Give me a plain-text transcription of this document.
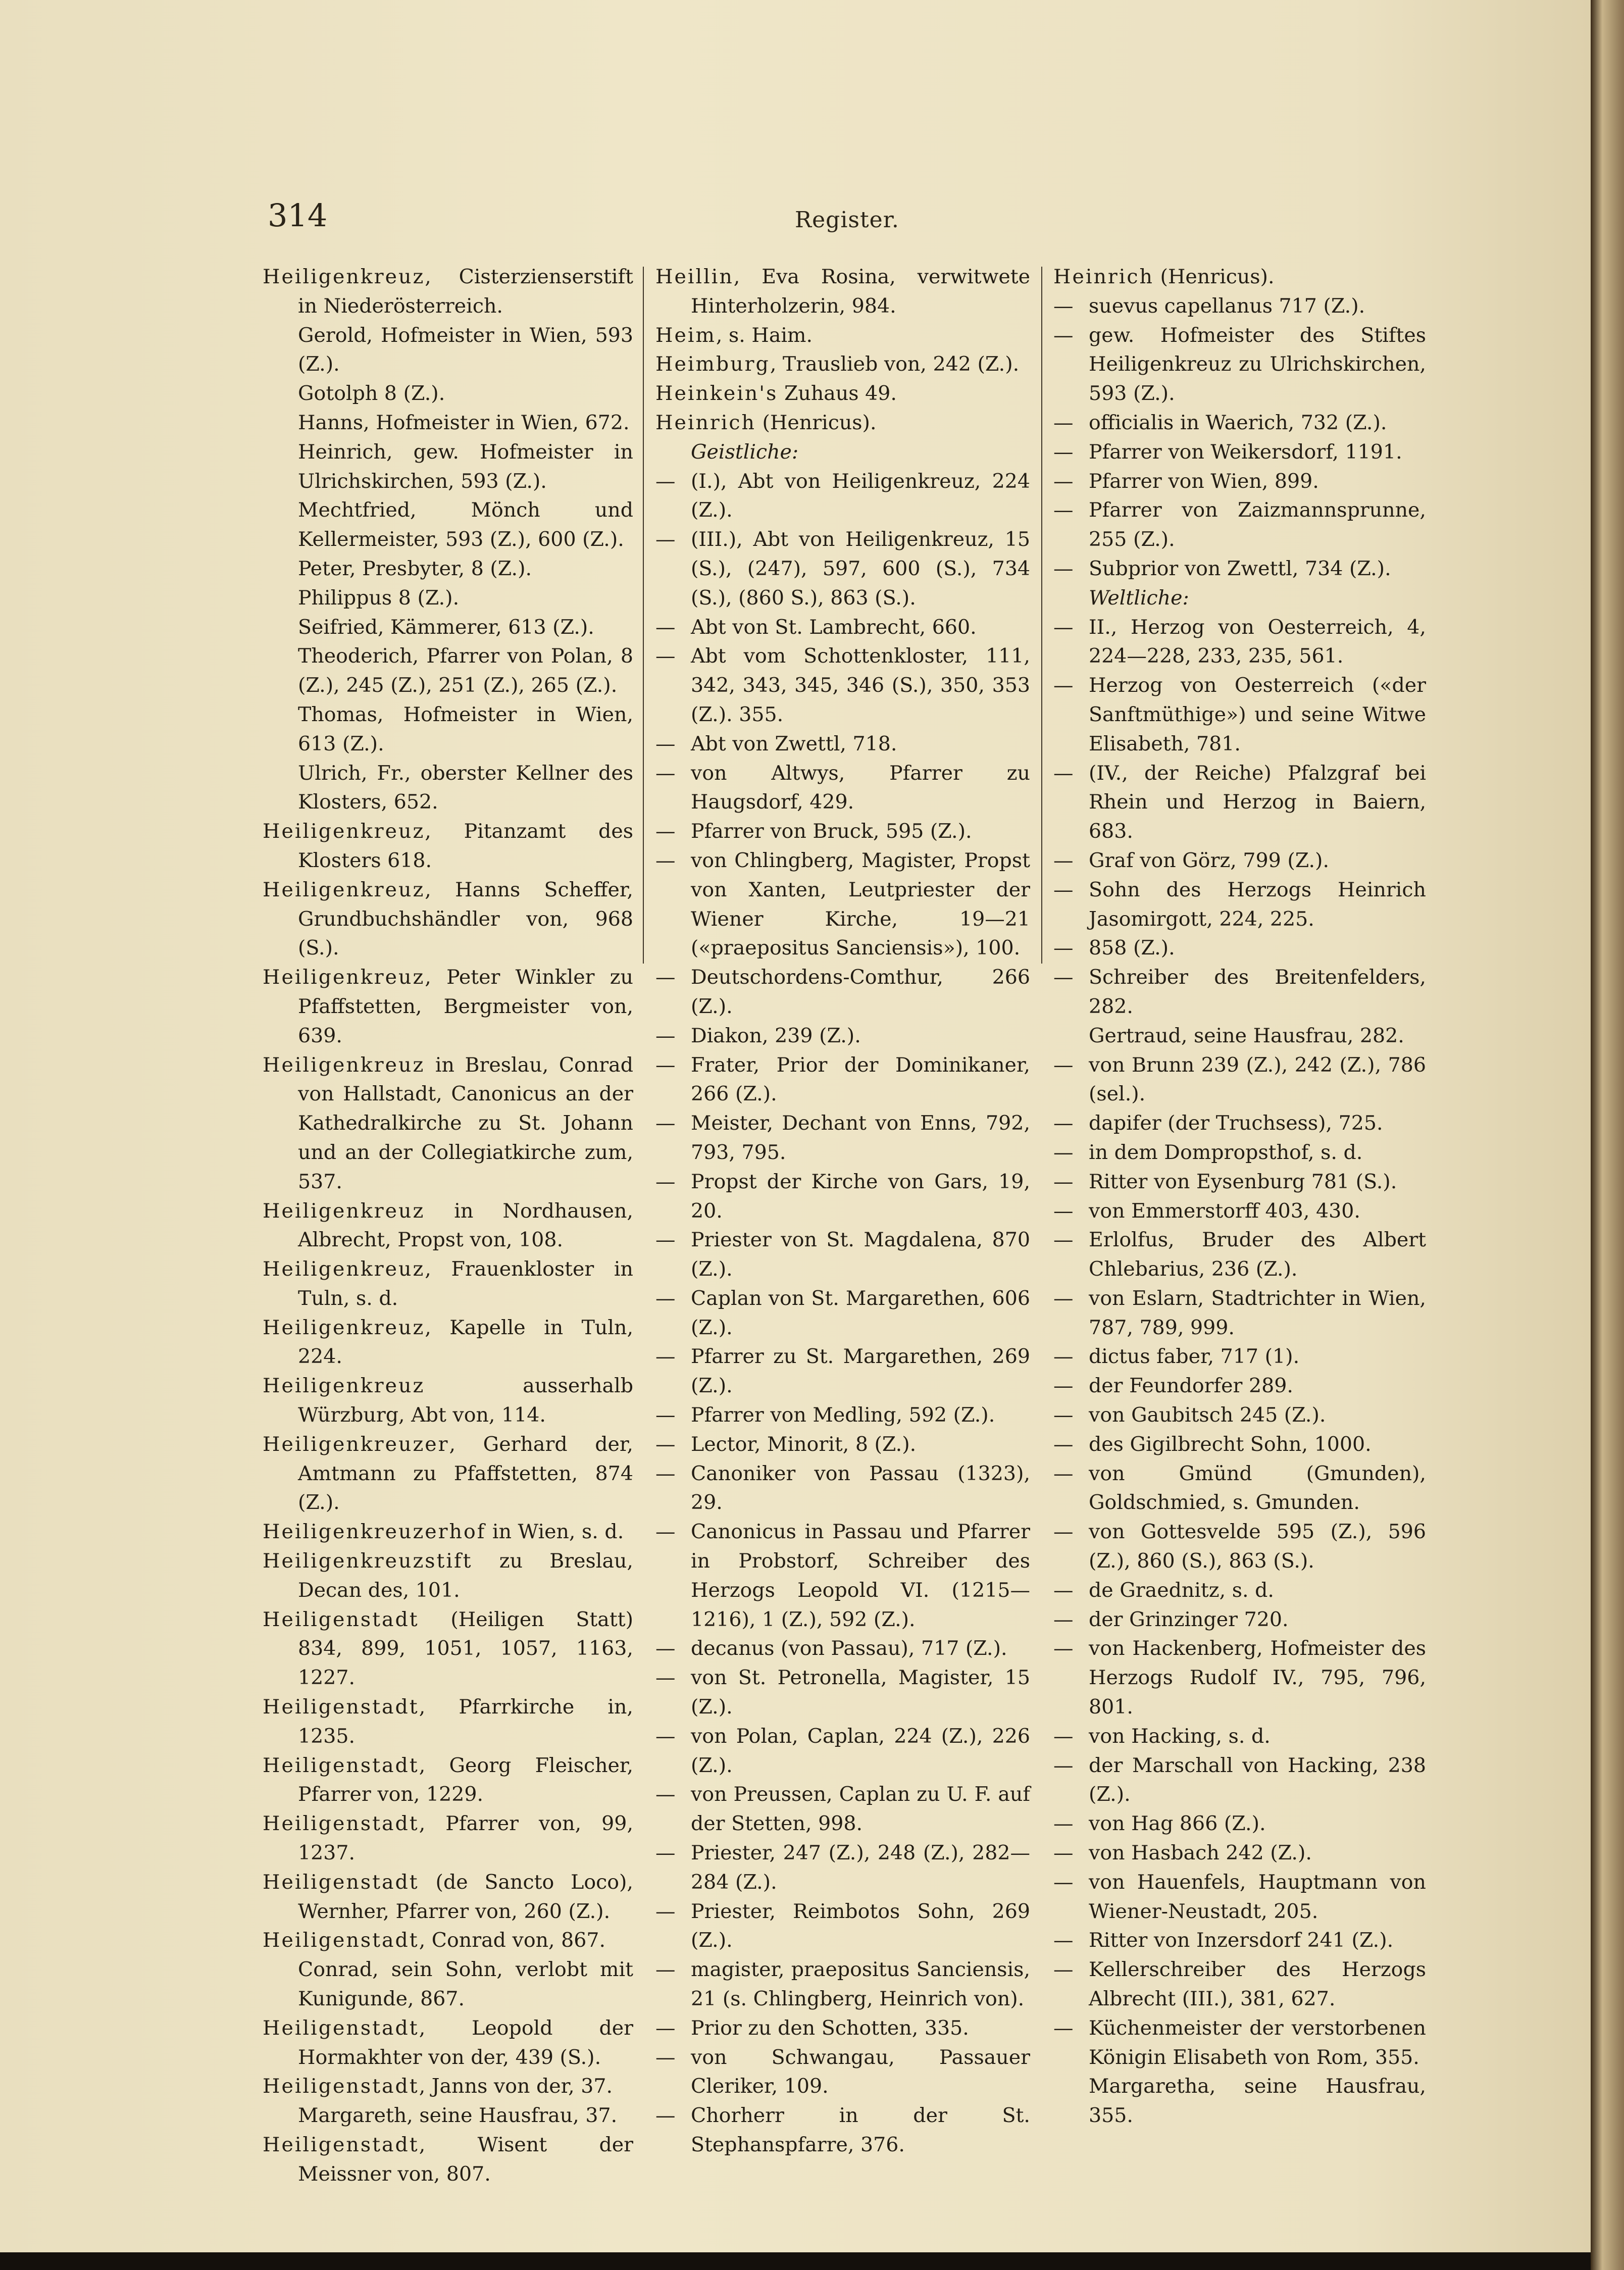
314	Register.
Heiligenkreuz, Cisterzienserstift in Niederösterreich.
Gerold, Hofmeister in Wien, 593 (Z.).
Gotolph 8 (Z.).
Hanns, Hofmeister in Wien, 672.
Heinrich, gew. Hofmeister in Ulrichskirchen, 593 (Z.).
Mechtfried, Mönch und Kellermeister, 593 (Z.), 600 (Z.).
Peter, Presbyter, 8 (Z.).
Philippus 8 (Z.).
Seifried, Kämmerer, 613 (Z.).
Theoderich, Pfarrer von Polan, 8 (Z.), 245 (Z.), 251 (Z.), 265 (Z.).
Thomas, Hofmeister in Wien, 613 (Z.).
Ulrich, Fr., oberster Kellner des Klosters, 652.
Heiligenkreuz, Pitanzamt des Klosters 618.
Heiligenkreuz, Hanns Scheffer, Grundbuchshändler von, 968 (S.).
Heiligenkreuz, Peter Winkler zu Pfaffstetten, Bergmeister von, 639.
Heiligenkreuz in Breslau, Conrad von Hallstadt, Canonicus an der Kathedralkirche zu St. Johann und an der Collegiatkirche zum, 537.
Heiligenkreuz in Nordhausen, Albrecht, Propst von, 108.
Heiligenkreuz, Frauenkloster in Tuln, s. d.
Heiligenkreuz, Kapelle in Tuln, 224.
Heiligenkreuz ausserhalb Würzburg, Abt von, 114.
Heiligenkreuzer, Gerhard der, Amtmann zu Pfaffstetten, 874 (Z.).
Heiligenkreuzerhof in Wien, s. d.
Heiligenkreuzstift zu Breslau, Decan des, 101.
Heiligenstadt (Heiligen Statt) 834, 899, 1051, 1057, 1163, 1227.
Heiligenstadt, Pfarrkirche in, 1235.
Heiligenstadt, Georg Fleischer, Pfarrer von, 1229.
Heiligenstadt, Pfarrer von, 99, 1237.
Heiligenstadt (de Sancto Loco), Wernher, Pfarrer von, 260 (Z.).
Heiligenstadt, Conrad von, 867.
Conrad, sein Sohn, verlobt mit Kunigunde, 867.
Heiligenstadt, Leopold der Hormakhter von der, 439 (S.).
Heiligenstadt, Janns von der, 37.
Margareth, seine Hausfrau, 37.
Heiligenstadt, Wisent der Meissner von, 807.
Heillin, Eva Rosina, verwitwete Hinterholzerin, 984.
Heim, s. Haim.
Heimburg, Trauslieb von, 242 (Z.).
Heinkein's Zuhaus 49.
Heinrich (Henricus).
Geistliche:
— (I.), Abt von Heiligenkreuz, 224 (Z.).
— (III.), Abt von Heiligenkreuz, 15 (S.), (247), 597, 600 (S.), 734 (S.), (860 S.), 863 (S.).
— Abt von St. Lambrecht, 660.
— Abt vom Schottenkloster, 111, 342, 343, 345, 346 (S.), 350, 353 (Z.). 355.
— Abt von Zwettl, 718.
— von Altwys, Pfarrer zu Haugsdorf, 429.
— Pfarrer von Bruck, 595 (Z.).
— von Chlingberg, Magister, Propst von Xanten, Leutpriester der Wiener Kirche, 19—21 («praepositus Sanciensis»), 100.
— Deutschordens-Comthur, 266 (Z.).
— Diakon, 239 (Z.).
— Frater, Prior der Dominikaner, 266 (Z.).
— Meister, Dechant von Enns, 792, 793, 795.
— Propst der Kirche von Gars, 19, 20.
— Priester von St. Magdalena, 870 (Z.).
— Caplan von St. Margarethen, 606 (Z.).
— Pfarrer zu St. Margarethen, 269 (Z.).
— Pfarrer von Medling, 592 (Z.).
— Lector, Minorit, 8 (Z.).
— Canoniker von Passau (1323), 29.
— Canonicus in Passau und Pfarrer in Probstorf, Schreiber des Herzogs Leopold VI. (1215—1216), 1 (Z.), 592 (Z.).
— decanus (von Passau), 717 (Z.).
— von St. Petronella, Magister, 15 (Z.).
— von Polan, Caplan, 224 (Z.), 226 (Z.).
— von Preussen, Caplan zu U. F. auf der Stetten, 998.
— Priester, 247 (Z.), 248 (Z.), 282—284 (Z.).
— Priester, Reimbotos Sohn, 269 (Z.).
— magister, praepositus Sanciensis, 21 (s. Chlingberg, Heinrich von).
— Prior zu den Schotten, 335.
— von Schwangau, Passauer Cleriker, 109.
— Chorherr in der St. Stephanspfarre, 376.
Heinrich (Henricus).
— suevus capellanus 717 (Z.).
— gew. Hofmeister des Stiftes Heiligenkreuz zu Ulrichskirchen, 593 (Z.).
— officialis in Waerich, 732 (Z.).
— Pfarrer von Weikersdorf, 1191.
— Pfarrer von Wien, 899.
— Pfarrer von Zaizmannsprunne, 255 (Z.).
— Subprior von Zwettl, 734 (Z.).
Weltliche:
— II., Herzog von Oesterreich, 4, 224—228, 233, 235, 561.
— Herzog von Oesterreich («der Sanftmüthige») und seine Witwe Elisabeth, 781.
— (IV., der Reiche) Pfalzgraf bei Rhein und Herzog in Baiern, 683.
— Graf von Görz, 799 (Z.).
— Sohn des Herzogs Heinrich Jasomirgott, 224, 225.
— 858 (Z.).
— Schreiber des Breitenfelders, 282.
Gertraud, seine Hausfrau, 282.
— von Brunn 239 (Z.), 242 (Z.), 786 (sel.).
— dapifer (der Truchsess), 725.
— in dem Dompropsthof, s. d.
— Ritter von Eysenburg 781 (S.).
— von Emmerstorff 403, 430.
— Erlolfus, Bruder des Albert Chlebarius, 236 (Z.).
— von Eslarn, Stadtrichter in Wien, 787, 789, 999.
— dictus faber, 717 (1).
— der Feundorfer 289.
— von Gaubitsch 245 (Z.).
— des Gigilbrecht Sohn, 1000.
— von Gmünd (Gmunden), Goldschmied, s. Gmunden.
— von Gottesvelde 595 (Z.), 596 (Z.), 860 (S.), 863 (S.).
— de Graednitz, s. d.
— der Grinzinger 720.
— von Hackenberg, Hofmeister des Herzogs Rudolf IV., 795, 796, 801.
— von Hacking, s. d.
— der Marschall von Hacking, 238 (Z.).
— von Hag 866 (Z.).
— von Hasbach 242 (Z.).
— von Hauenfels, Hauptmann von Wiener-Neustadt, 205.
— Ritter von Inzersdorf 241 (Z.).
— Kellerschreiber des Herzogs Albrecht (III.), 381, 627.
— Küchenmeister der verstorbenen Königin Elisabeth von Rom, 355.
Margaretha, seine Hausfrau, 355.
